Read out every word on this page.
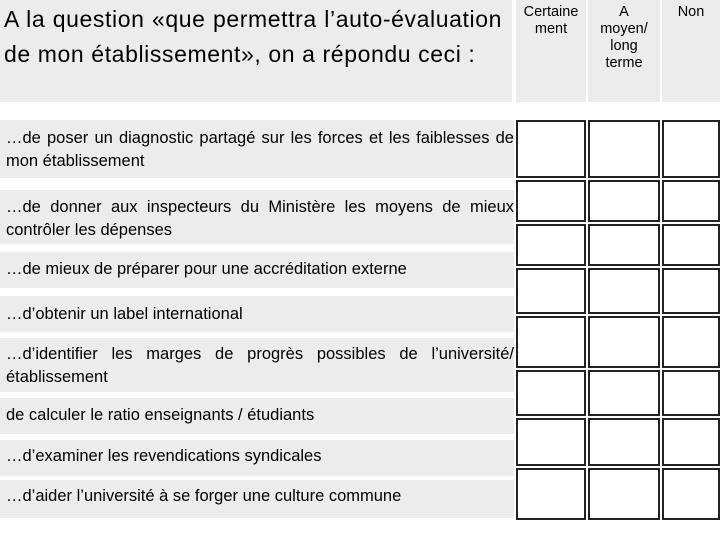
A la question «que permettra l’auto-évaluation de mon établissement», on a répondu ceci :
Certaine
ment
A
moyen/
long
terme
Non

…de poser un diagnostic partagé sur les forces et les faiblesses de mon établissement

…de donner aux inspecteurs du Ministère les moyens de mieux contrôler les dépenses

…de mieux de préparer pour une accréditation externe

…d’obtenir un label international

…d’identifier les marges de progrès possibles de l’université/établissement

de calculer le ratio enseignants / étudiants

…d’examiner les revendications syndicales

…d’aider l’université à se forger une culture commune
